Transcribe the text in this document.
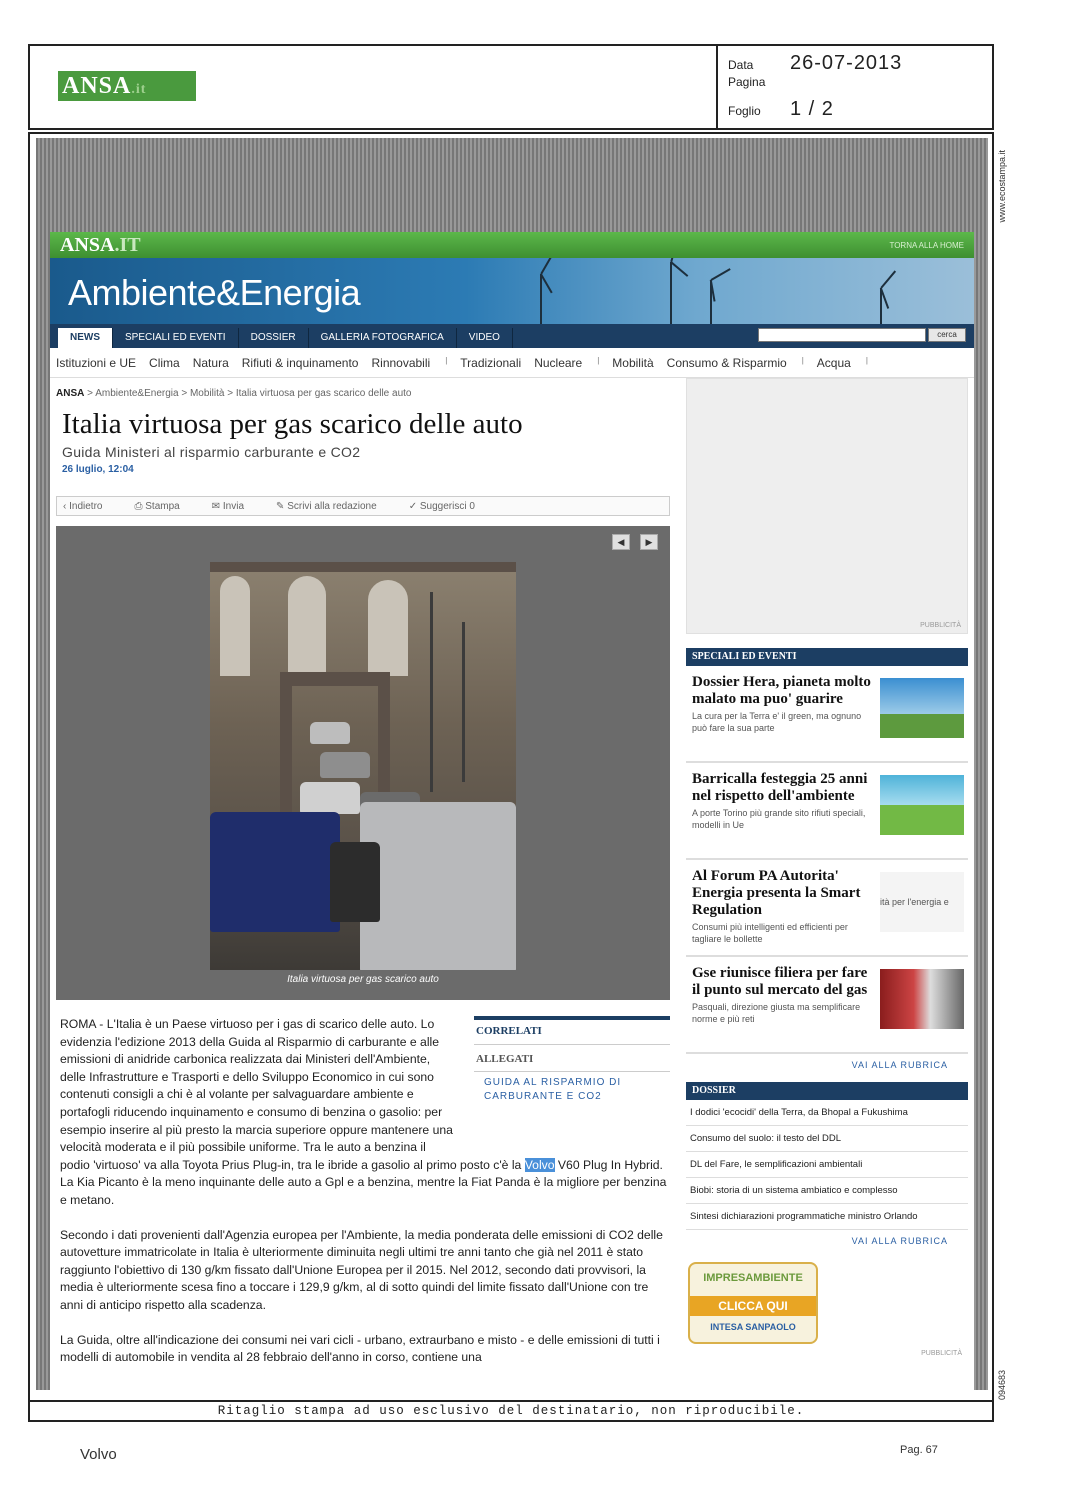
ANSA.it
Data	26-07-2013
Pagina
Foglio	1 / 2
ANSA.IT	TORNA ALLA HOME
Ambiente&Energia
NEWS	SPECIALI ED EVENTI	DOSSIER	GALLERIA FOTOGRAFICA	VIDEO	cerca
Istituzioni e UE Clima Natura Rifiuti & inquinamento Rinnovabili | Tradizionali Nucleare | Mobilità Consumo & Risparmio | Acqua |
ANSA > Ambiente&Energia > Mobilità > Italia virtuosa per gas scarico delle auto
Italia virtuosa per gas scarico delle auto
Guida Ministeri al risparmio carburante e CO2
26 luglio, 12:04
‹ Indietro	⎙ Stampa	✉ Invia	✎ Scrivi alla redazione	✓ Suggerisci 0
◀	▶
Italia virtuosa per gas scarico auto
CORRELATI
ALLEGATI
GUIDA AL RISPARMIO DI CARBURANTE E CO2

ROMA - L'Italia è un Paese virtuoso per i gas di scarico delle auto. Lo evidenzia l'edizione 2013 della Guida al Risparmio di carburante e alle emissioni di anidride carbonica realizzata dai Ministeri dell'Ambiente, delle Infrastrutture e Trasporti e dello Sviluppo Economico in cui sono contenuti consigli a chi è al volante per salvaguardare ambiente e portafogli riducendo inquinamento e consumo di benzina o gasolio: per esempio inserire al più presto la marcia superiore oppure mantenere una velocità moderata e il più possibile uniforme. Tra le auto a benzina il podio 'virtuoso' va alla Toyota Prius Plug-in, tra le ibride a gasolio al primo posto c'è la Volvo V60 Plug In Hybrid. La Kia Picanto è la meno inquinante delle auto a Gpl e a benzina, mentre la Fiat Panda è la migliore per benzina e metano.

Secondo i dati provenienti dall'Agenzia europea per l'Ambiente, la media ponderata delle emissioni di CO2 delle autovetture immatricolate in Italia è ulteriormente diminuita negli ultimi tre anni tanto che già nel 2011 è stato raggiunto l'obiettivo di 130 g/km fissato dall'Unione Europea per il 2015. Nel 2012, secondo dati provvisori, la media è ulteriormente scesa fino a toccare i 129,9 g/km, al di sotto quindi del limite fissato dall'Unione con tre anni di anticipo rispetto alla scadenza.

La Guida, oltre all'indicazione dei consumi nei vari cicli - urbano, extraurbano e misto - e delle emissioni di tutti i modelli di automobile in vendita al 28 febbraio dell'anno in corso, contiene una

PUBBLICITÀ
SPECIALI ED EVENTI
Dossier Hera, pianeta molto malato ma puo' guarire
La cura per la Terra e' il green, ma ognuno può fare la sua parte
Barricalla festeggia 25 anni nel rispetto dell'ambiente
A porte Torino più grande sito rifiuti speciali, modelli in Ue
Al Forum PA Autorita' Energia presenta la Smart Regulation
Consumi più intelligenti ed efficienti per tagliare le bollette
ità per l'energia e
Gse riunisce filiera per fare il punto sul mercato del gas
Pasquali, direzione giusta ma semplificare norme e più reti
VAI ALLA RUBRICA
DOSSIER
I dodici 'ecocidi' della Terra, da Bhopal a Fukushima
Consumo del suolo: il testo del DDL
DL del Fare, le semplificazioni ambientali
Biobi: storia di un sistema ambiatico e complesso
Sintesi dichiarazioni programmatiche ministro Orlando
VAI ALLA RUBRICA
IMPRESAMBIENTE
CLICCA QUI
INTESA SANPAOLO
PUBBLICITÀ
Ritaglio stampa ad uso esclusivo del destinatario, non riproducibile.
www.ecostampa.it
094683
Volvo	Pag. 67
